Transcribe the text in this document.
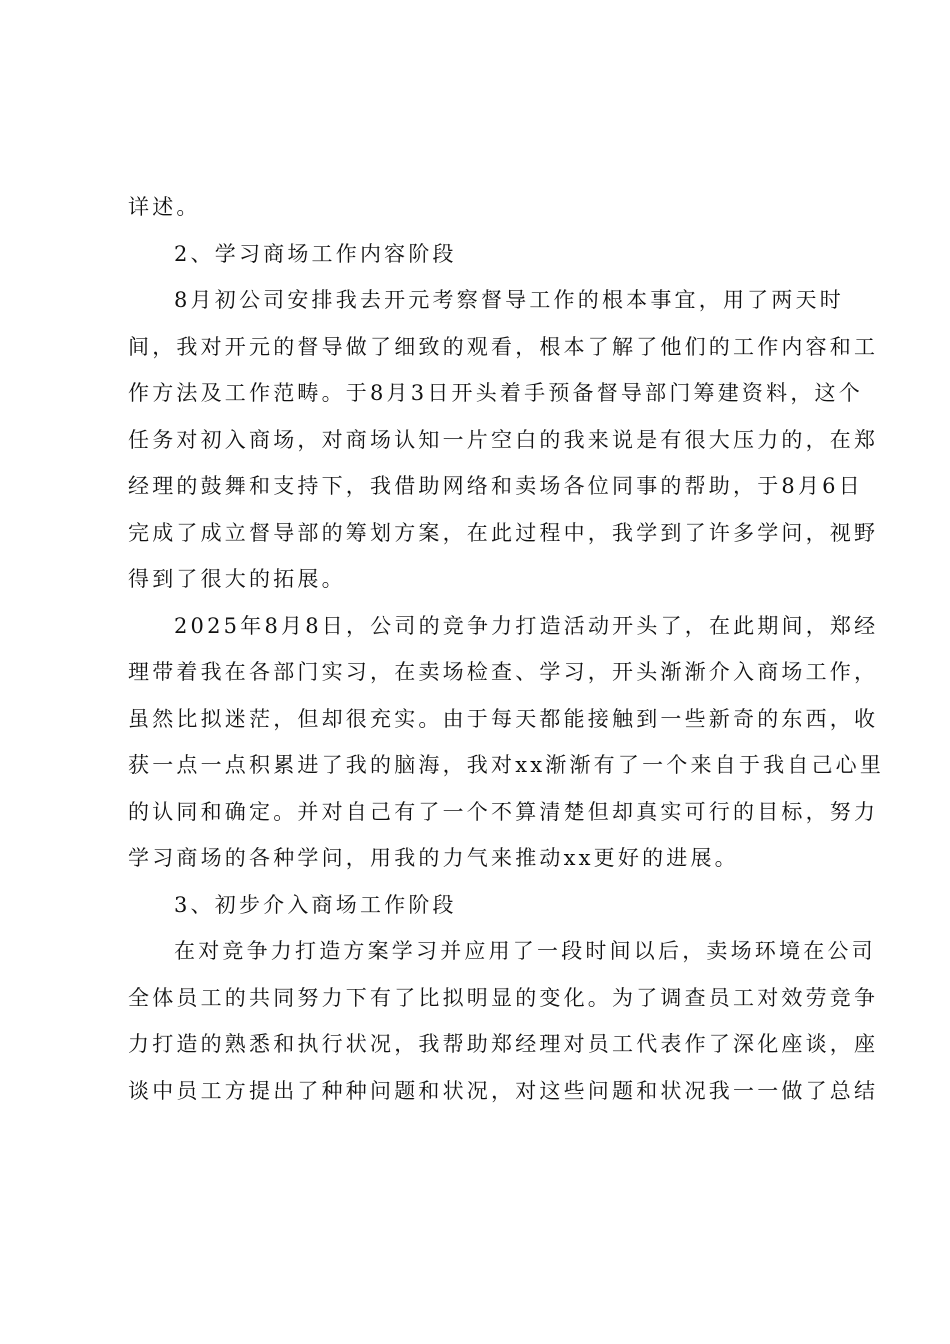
详述。
2、学习商场工作内容阶段
8月初公司安排我去开元考察督导工作的根本事宜，用了两天时
间，我对开元的督导做了细致的观看，根本了解了他们的工作内容和工
作方法及工作范畴。于8月3日开头着手预备督导部门筹建资料，这个
任务对初入商场，对商场认知一片空白的我来说是有很大压力的，在郑
经理的鼓舞和支持下，我借助网络和卖场各位同事的帮助，于8月6日
完成了成立督导部的筹划方案，在此过程中，我学到了许多学问，视野
得到了很大的拓展。
2025年8月8日，公司的竞争力打造活动开头了，在此期间，郑经
理带着我在各部门实习，在卖场检查、学习，开头渐渐介入商场工作，
虽然比拟迷茫，但却很充实。由于每天都能接触到一些新奇的东西，收
获一点一点积累进了我的脑海，我对xx渐渐有了一个来自于我自己心里
的认同和确定。并对自己有了一个不算清楚但却真实可行的目标，努力
学习商场的各种学问，用我的力气来推动xx更好的进展。
3、初步介入商场工作阶段
在对竞争力打造方案学习并应用了一段时间以后，卖场环境在公司
全体员工的共同努力下有了比拟明显的变化。为了调查员工对效劳竞争
力打造的熟悉和执行状况，我帮助郑经理对员工代表作了深化座谈，座
谈中员工方提出了种种问题和状况，对这些问题和状况我一一做了总结
